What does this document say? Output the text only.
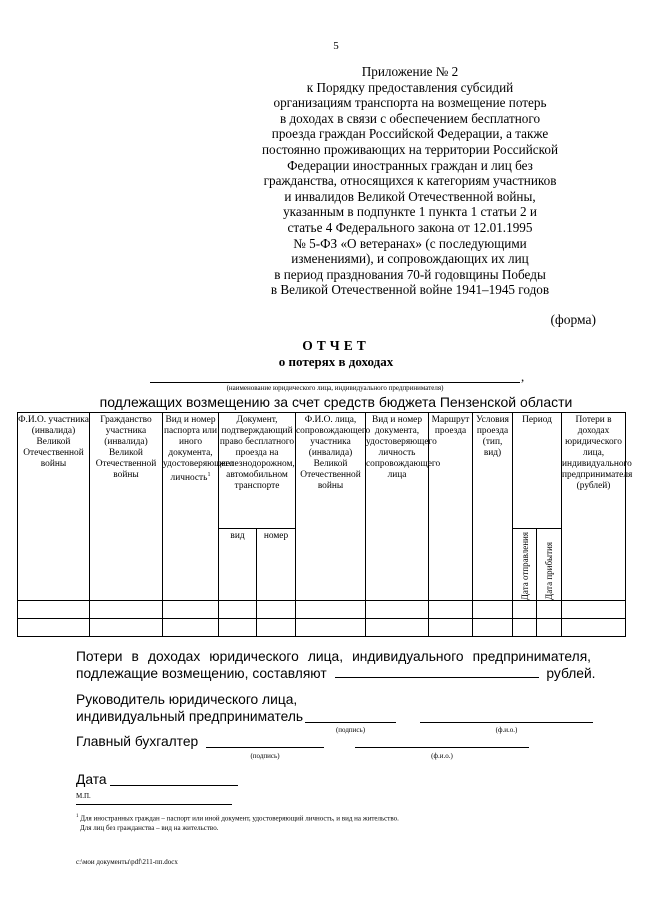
5
Приложение № 2
к Порядку предоставления субсидий
организациям транспорта на возмещение потерь
в доходах в связи с обеспечением бесплатного
проезда граждан Российской Федерации, а также
постоянно проживающих на территории Российской
Федерации иностранных граждан и лиц без
гражданства, относящихся к категориям участников
и инвалидов Великой Отечественной войны,
указанным в подпункте 1 пункта 1 статьи 2 и
статье 4 Федерального закона от 12.01.1995
№ 5-ФЗ «О ветеранах» (с последующими
изменениями), и сопровождающих их лиц
в период празднования 70-й годовщины Победы
в Великой Отечественной войне 1941–1945 годов
(форма)
ОТЧЕТ
о потерях в доходах
,
(наименование юридического лица, индивидуального предпринимателя)
подлежащих возмещению за счет средств бюджета Пензенской области
Ф.И.О. участника (инвалида) Великой Отечественной войны	Гражданство участника (инвалида) Великой Отечественной войны	Вид и номер паспорта или иного документа, удостоверяющего личность$^1$	Документ, подтверждающий право бесплатного проезда на железнодорожном, автомобильном транспорте		Ф.И.О. лица, сопровождающего участника (инвалида) Великой Отечественной войны	Вид и номер документа, удостоверяющего личность сопровождающего лица	Маршрут проезда	Условия проезда (тип, вид)	Период		Потери в доходах юридического лица, индивидуального предпринимателя (рублей)

			вид	номер					Дата отправления	Дата прибытия	

Потери в доходах юридического лица, индивидуального предпринимателя,
подлежащие возмещению, составляют	рублей.
Руководитель юридического лица,
индивидуальный предприниматель
(подпись)	(ф.и.о.)
Главный бухгалтер
(подпись)	(ф.и.о.)
Дата
М.П.
$^1$ Для иностранных граждан – паспорт или иной документ, удостоверяющий личность, и вид на жительство.
Для лиц без гражданства – вид на жительство.
c:\мои документы\pdf\211-пп.docx
